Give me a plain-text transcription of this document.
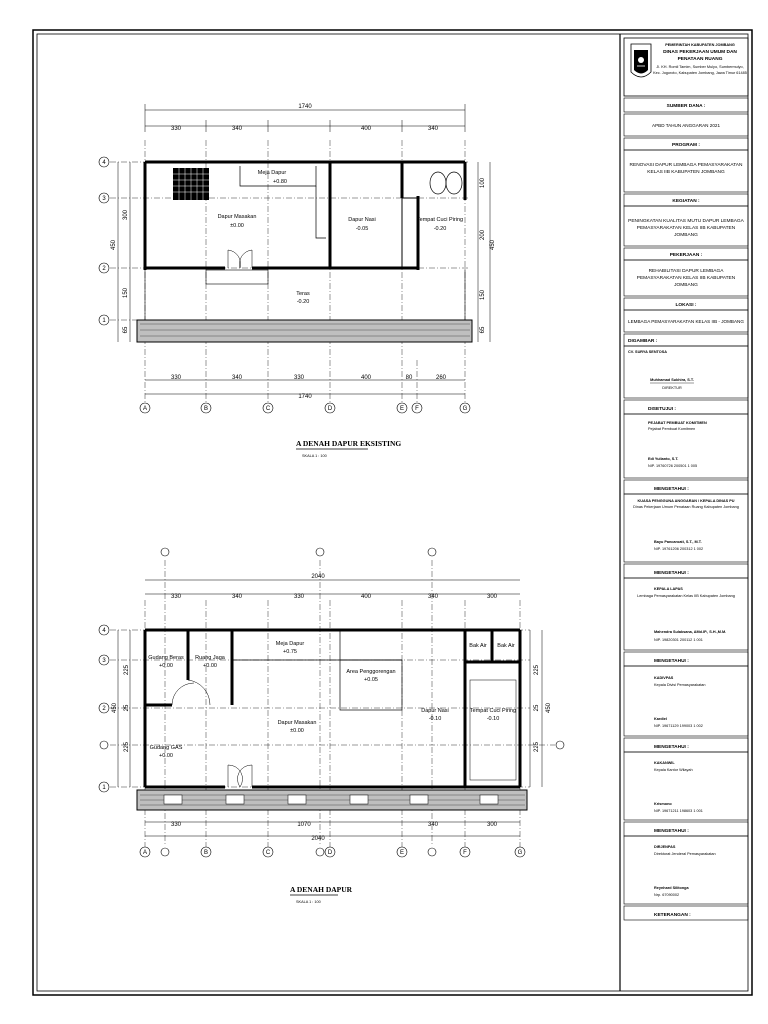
1740
330	340	400	340
Meja Dapur
+0.80
Dapur Masakan
±0.00
Dapur Nasi
-0.05
Tempat Cuci Piring
-0.20
Teras
-0.20
300
150
65
450
100
200
150
65
450
4
3
2
1
330	340	330	400	80	260
1740
A	B	C	D	E F	G
A DENAH DAPUR EKSISTING
SKALA 1 : 100
2040
330	340	330	400	340	300
Gudang Beras
+0.00
Ruang Jaga
+0.00
Meja Dapur
+0.75
Area Penggorengan
+0.05
Bak Air Bak Air
Dapur Masakan
±0.00
Dapur Nasi
-0.10
Tempat Cuci Piring
-0.10
Gudang GAS
+0.00
225
25
225
450
225
25
225
450
4
3
2
1
330	1070	340	300
2040
A	B	C	D	E	F	G
A DENAH DAPUR
SKALA 1 : 100
PEMERINTAH KABUPATEN JOMBANG
DINAS PEKERJAAN UMUM DAN
PENATAAN RUANG
Jl. KH. Romli Tamim, Sumber Mulyo, Sumbermulyo,
Kec. Jogoroto, Kabupaten Jombang, Jawa Timur 61485
SUMBER DANA :
APBD TAHUN ANGGARAN 2021
PROGRAM :
RENOVASI DAPUR LEMBAGA PEMASYARAKATAN KELAS IIB KABUPATEN JOMBANG
KEGIATAN :
PENINGKATAN KUALITAS MUTU DAPUR LEMBAGA PEMASYARAKATAN KELAS IIB KABUPATEN JOMBANG
PEKERJAAN :
REHABILITASI DAPUR LEMBAGA PEMASYARAKATAN KELAS IIB KABUPATEN JOMBANG
LOKASI :
LEMBAGA PEMASYARAKATAN KELAS IIB - JOMBANG
DIGAMBAR :
CV. SURYA SENTOSA
Muhhamad Sukhira, S.T.
DIREKTUR
DISETUJUI :
PEJABAT PEMBUAT KOMITMEN
Pejabat Pembuat Komitmen
Edi Yulianto, S.T.
NIP. 19760726 200501 1 005
MENGETAHUI :
KUASA PENGGUNA ANGGARAN / KEPALA DINAS PU
Dinas Pekerjaan Umum Penataan Ruang Kabupaten Jombang
Bayu Pancaroati, S.T., M.T.
NIP. 19761206 200312 1 002
MENGETAHUI :
KEPALA LAPAS
Lembaga Pemasyarakatan Kelas IIB Kabupaten Jombang
Mahendra Sulaksana, AMd.IP., S.H.,M.M.
NIP. 19820301 200112 1 001
MENGETAHUI :
KADIVPAS
Kepala Divisi Pemasyarakatan
Kardiel
NIP. 19671129 199003 1 002
MENGETAHUI :
KAKANWIL
Kepala Kantor Wilayah
Krismono
NIP. 19671211 198603 1 001
MENGETAHUI :
DIRJENPAS
Direktorat Jenderal Pemasyarakatan
Reynhard Silitonga
Nrp. 67090002
KETERANGAN :
